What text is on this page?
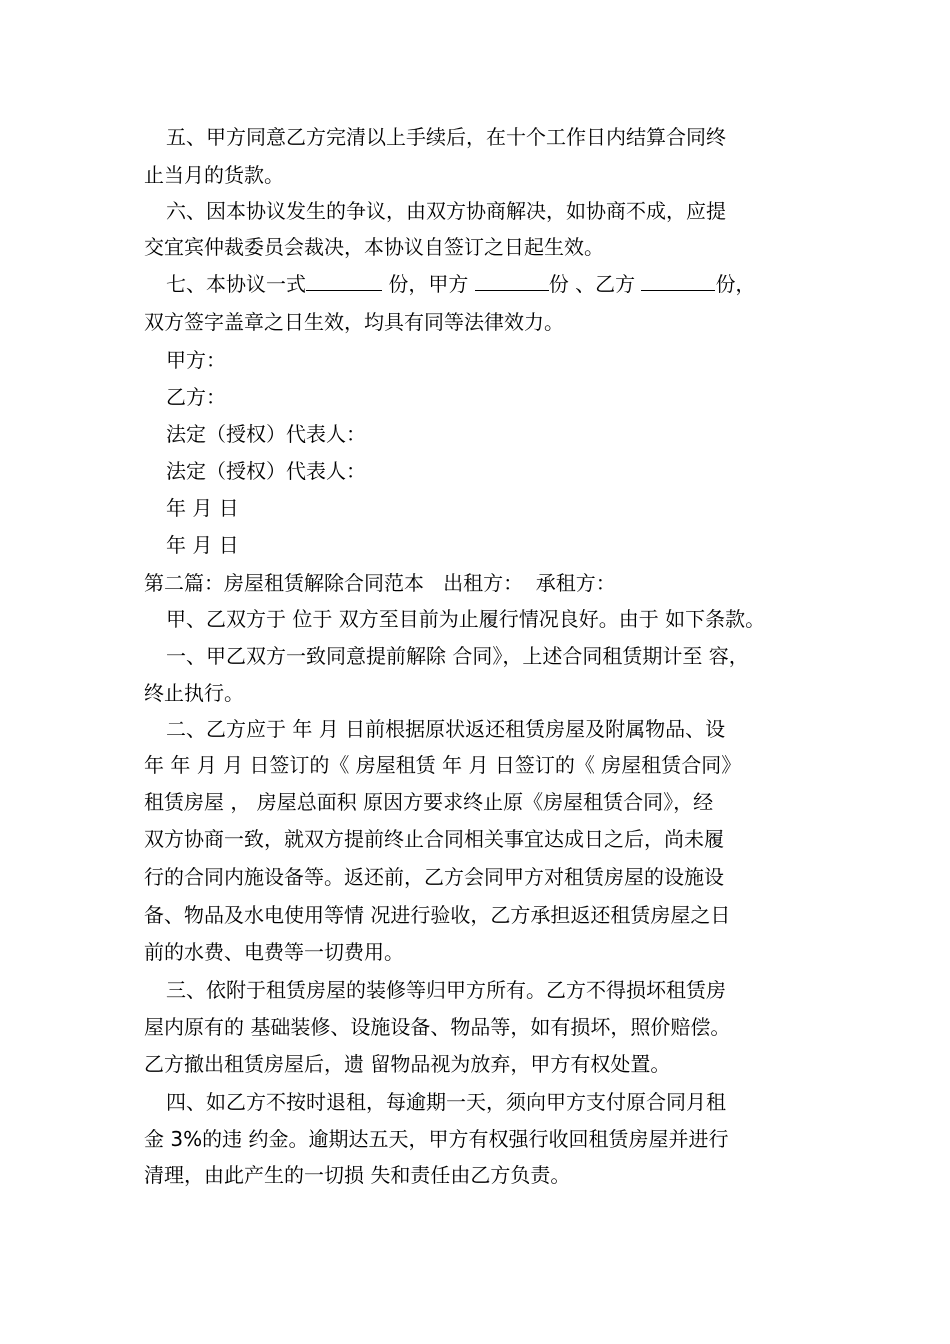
五、甲方同意乙方完清以上手续后，在十个工作日内结算合同终

止当月的货款。

六、因本协议发生的争议，由双方协商解决，如协商不成，应提

交宜宾仲裁委员会裁决，本协议自签订之日起生效。

七、本协议一式	份，甲方	份 、乙方	份，

双方签字盖章之日生效，均具有同等法律效力。

甲方：

乙方：

法定（授权）代表人：

法定（授权）代表人：

年 月 日

年 月 日

第二篇：房屋租赁解除合同范本   出租方：  承租方：

甲、乙双方于 位于 双方至目前为止履行情况良好。由于 如下条款。

一、甲乙双方一致同意提前解除 合同》，上述合同租赁期计至 容，

终止执行。

二、乙方应于 年 月 日前根据原状返还租赁房屋及附属物品、设

年 年 月 月 日签订的《 房屋租赁 年 月 日签订的《 房屋租赁合同》

租赁房屋 ， 房屋总面积 原因方要求终止原《房屋租赁合同》，经

双方协商一致，就双方提前终止合同相关事宜达成日之后，尚未履

行的合同内施设备等。返还前，乙方会同甲方对租赁房屋的设施设

备、物品及水电使用等情 况进行验收，乙方承担返还租赁房屋之日

前的水费、电费等一切费用。

三、依附于租赁房屋的装修等归甲方所有。乙方不得损坏租赁房

屋内原有的 基础装修、设施设备、物品等，如有损坏，照价赔偿。

乙方撤出租赁房屋后，遗 留物品视为放弃，甲方有权处置。

四、如乙方不按时退租，每逾期一天，须向甲方支付原合同月租

金 3%的违 约金。逾期达五天，甲方有权强行收回租赁房屋并进行

清理，由此产生的一切损 失和责任由乙方负责。
